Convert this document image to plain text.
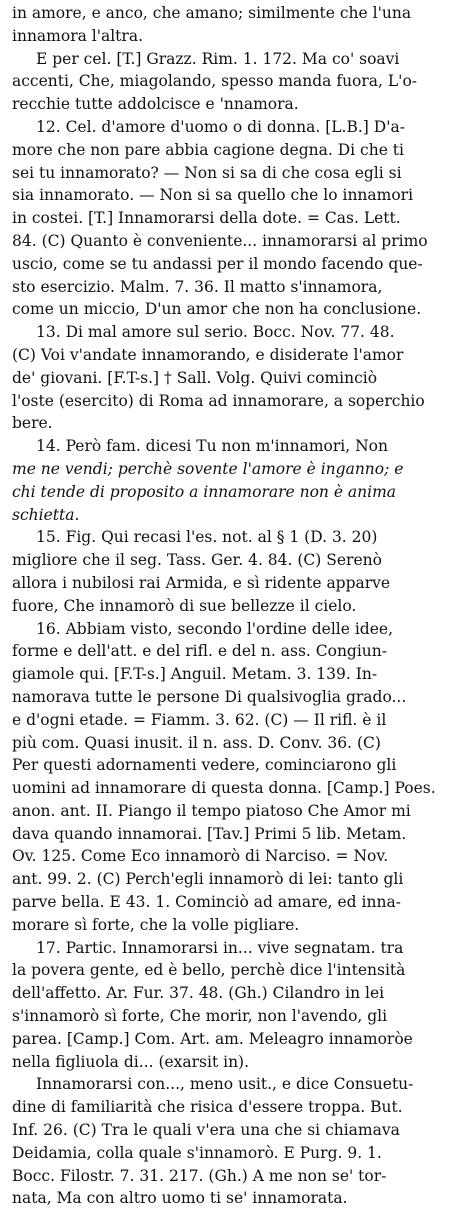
in amore, e anco, che amano; similmente che l'una
innamora l'altra.
E per cel. [T.] Grazz. Rim. 1. 172. Ma co' soavi
accenti, Che, miagolando, spesso manda fuora, L'o-
recchie tutte addolcisce e 'nnamora.
12. Cel. d'amore d'uomo o di donna. [L.B.] D'a-
more che non pare abbia cagione degna. Di che ti
sei tu innamorato? — Non si sa di che cosa egli si
sia innamorato. — Non si sa quello che lo innamori
in costei. [T.] Innamorarsi della dote. = Cas. Lett.
84. (C) Quanto è conveniente... innamorarsi al primo
uscio, come se tu andassi per il mondo facendo que-
sto esercizio. Malm. 7. 36. Il matto s'innamora,
come un miccio, D'un amor che non ha conclusione.
13. Di mal amore sul serio. Bocc. Nov. 77. 48.
(C) Voi v'andate innamorando, e disiderate l'amor
de' giovani. [F.T-s.] † Sall. Volg. Quivi cominciò
l'oste (esercito) di Roma ad innamorare, a soperchio
bere.
14. Però fam. dicesi Tu non m'innamori, Non
me ne vendi; perchè sovente l'amore è inganno; e
chi tende di proposito a innamorare non è anima
schietta.
15. Fig. Qui recasi l'es. not. al § 1 (D. 3. 20)
migliore che il seg. Tass. Ger. 4. 84. (C) Serenò
allora i nubilosi rai Armida, e sì ridente apparve
fuore, Che innamorò di sue bellezze il cielo.
16. Abbiam visto, secondo l'ordine delle idee,
forme e dell'att. e del rifl. e del n. ass. Congiun-
giamole qui. [F.T-s.] Anguil. Metam. 3. 139. In-
namorava tutte le persone Di qualsivoglia grado...
e d'ogni etade. = Fiamm. 3. 62. (C) — Il rifl. è il
più com. Quasi inusit. il n. ass. D. Conv. 36. (C)
Per questi adornamenti vedere, cominciarono gli
uomini ad innamorare di questa donna. [Camp.] Poes.
anon. ant. II. Piango il tempo piatoso Che Amor mi
dava quando innamorai. [Tav.] Primi 5 lib. Metam.
Ov. 125. Come Eco innamorò di Narciso. = Nov.
ant. 99. 2. (C) Perch'egli innamorò di lei: tanto gli
parve bella. E 43. 1. Cominciò ad amare, ed inna-
morare sì forte, che la volle pigliare.
17. Partic. Innamorarsi in... vive segnatam. tra
la povera gente, ed è bello, perchè dice l'intensità
dell'affetto. Ar. Fur. 37. 48. (Gh.) Cilandro in lei
s'innamorò sì forte, Che morir, non l'avendo, gli
parea. [Camp.] Com. Art. am. Meleagro innamoròe
nella figliuola di... (exarsit in).
Innamorarsi con..., meno usit., e dice Consuetu-
dine di familiarità che risica d'essere troppa. But.
Inf. 26. (C) Tra le quali v'era una che si chiamava
Deidamia, colla quale s'innamorò. E Purg. 9. 1.
Bocc. Filostr. 7. 31. 217. (Gh.) A me non se' tor-
nata, Ma con altro uomo ti se' innamorata.
